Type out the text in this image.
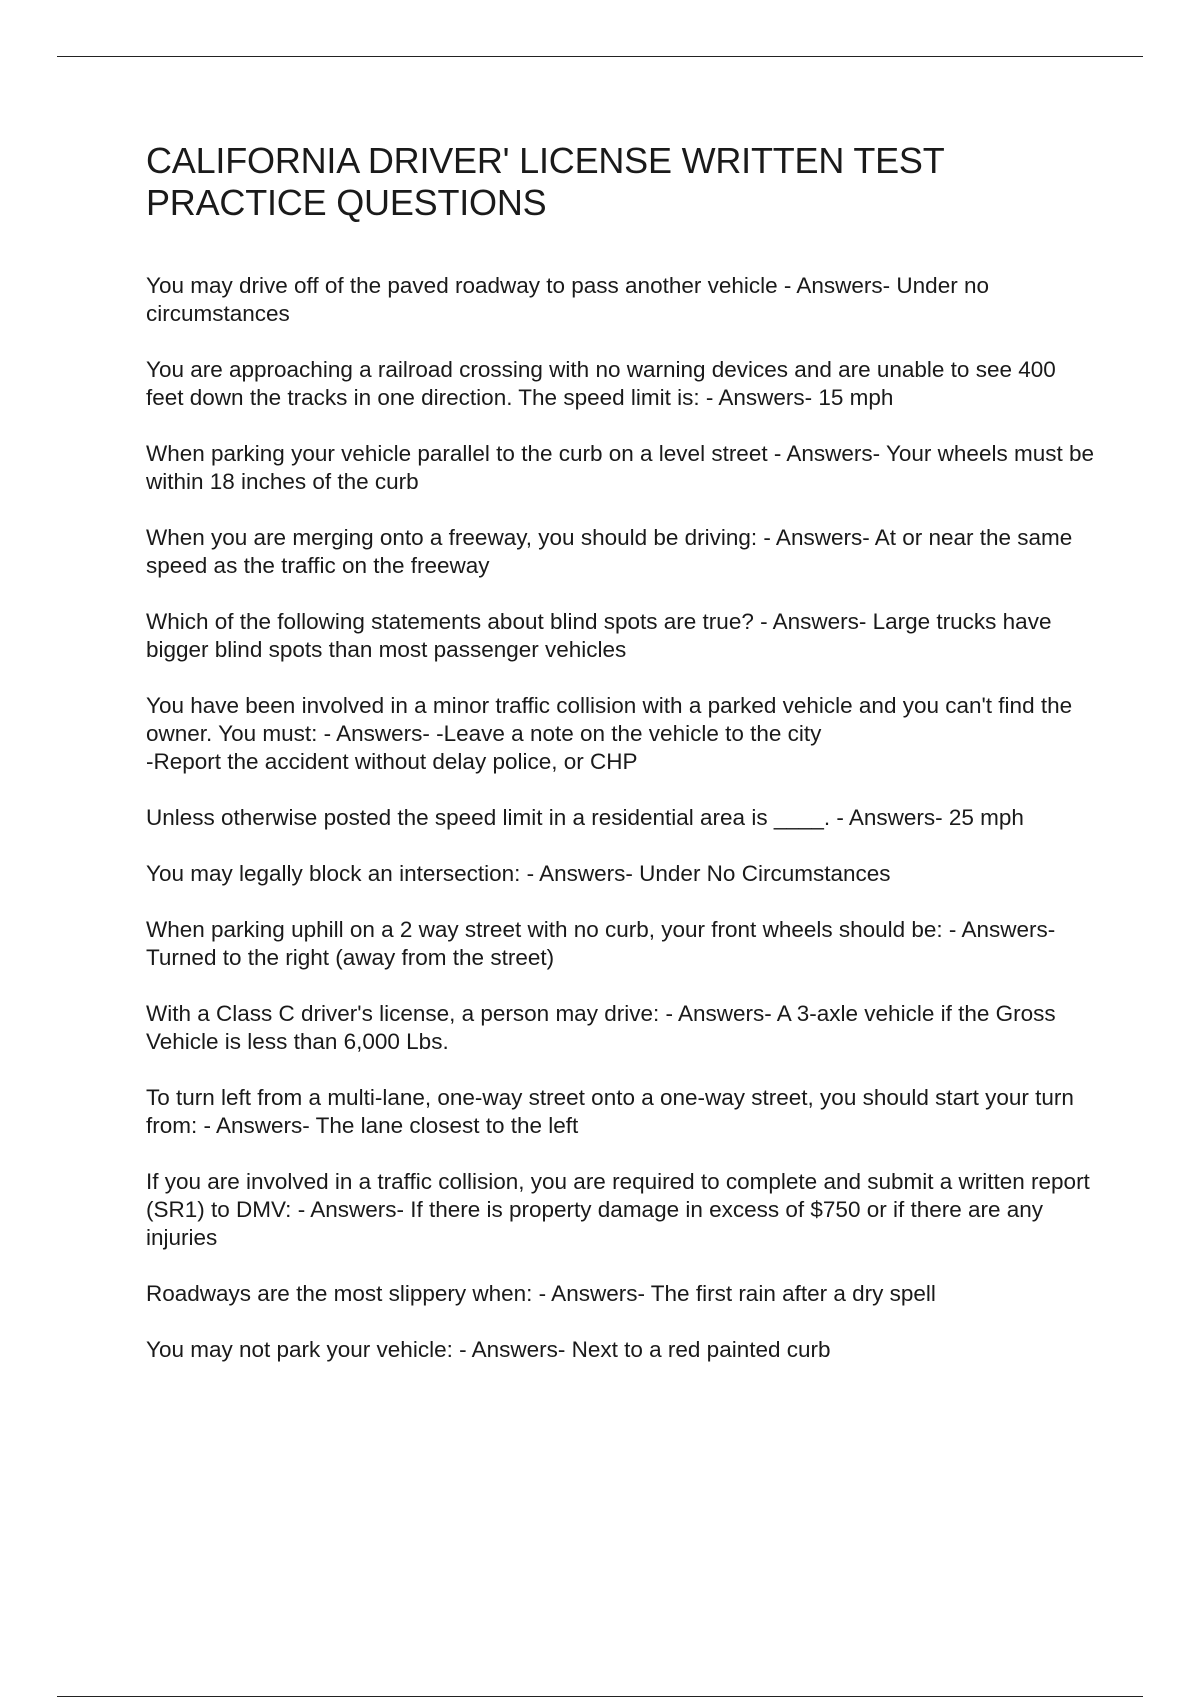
CALIFORNIA DRIVER' LICENSE WRITTEN TEST
PRACTICE QUESTIONS
You may drive off of the paved roadway to pass another vehicle - Answers- Under no circumstances
You are approaching a railroad crossing with no warning devices and are unable to see 400 feet down the tracks in one direction. The speed limit is: - Answers- 15 mph
When parking your vehicle parallel to the curb on a level street - Answers- Your wheels must be within 18 inches of the curb
When you are merging onto a freeway, you should be driving: - Answers- At or near the same speed as the traffic on the freeway
Which of the following statements about blind spots are true? - Answers- Large trucks have bigger blind spots than most passenger vehicles
You have been involved in a minor traffic collision with a parked vehicle and you can't find the owner. You must: - Answers- -Leave a note on the vehicle to the city
-Report the accident without delay police, or CHP
Unless otherwise posted the speed limit in a residential area is ____. - Answers- 25 mph
You may legally block an intersection: - Answers- Under No Circumstances
When parking uphill on a 2 way street with no curb, your front wheels should be: - Answers- Turned to the right (away from the street)
With a Class C driver's license, a person may drive: - Answers- A 3-axle vehicle if the Gross Vehicle is less than 6,000 Lbs.
To turn left from a multi-lane, one-way street onto a one-way street, you should start your turn from: - Answers- The lane closest to the left
If you are involved in a traffic collision, you are required to complete and submit a written report (SR1) to DMV: - Answers- If there is property damage in excess of $750 or if there are any injuries
Roadways are the most slippery when: - Answers- The first rain after a dry spell
You may not park your vehicle: - Answers- Next to a red painted curb
